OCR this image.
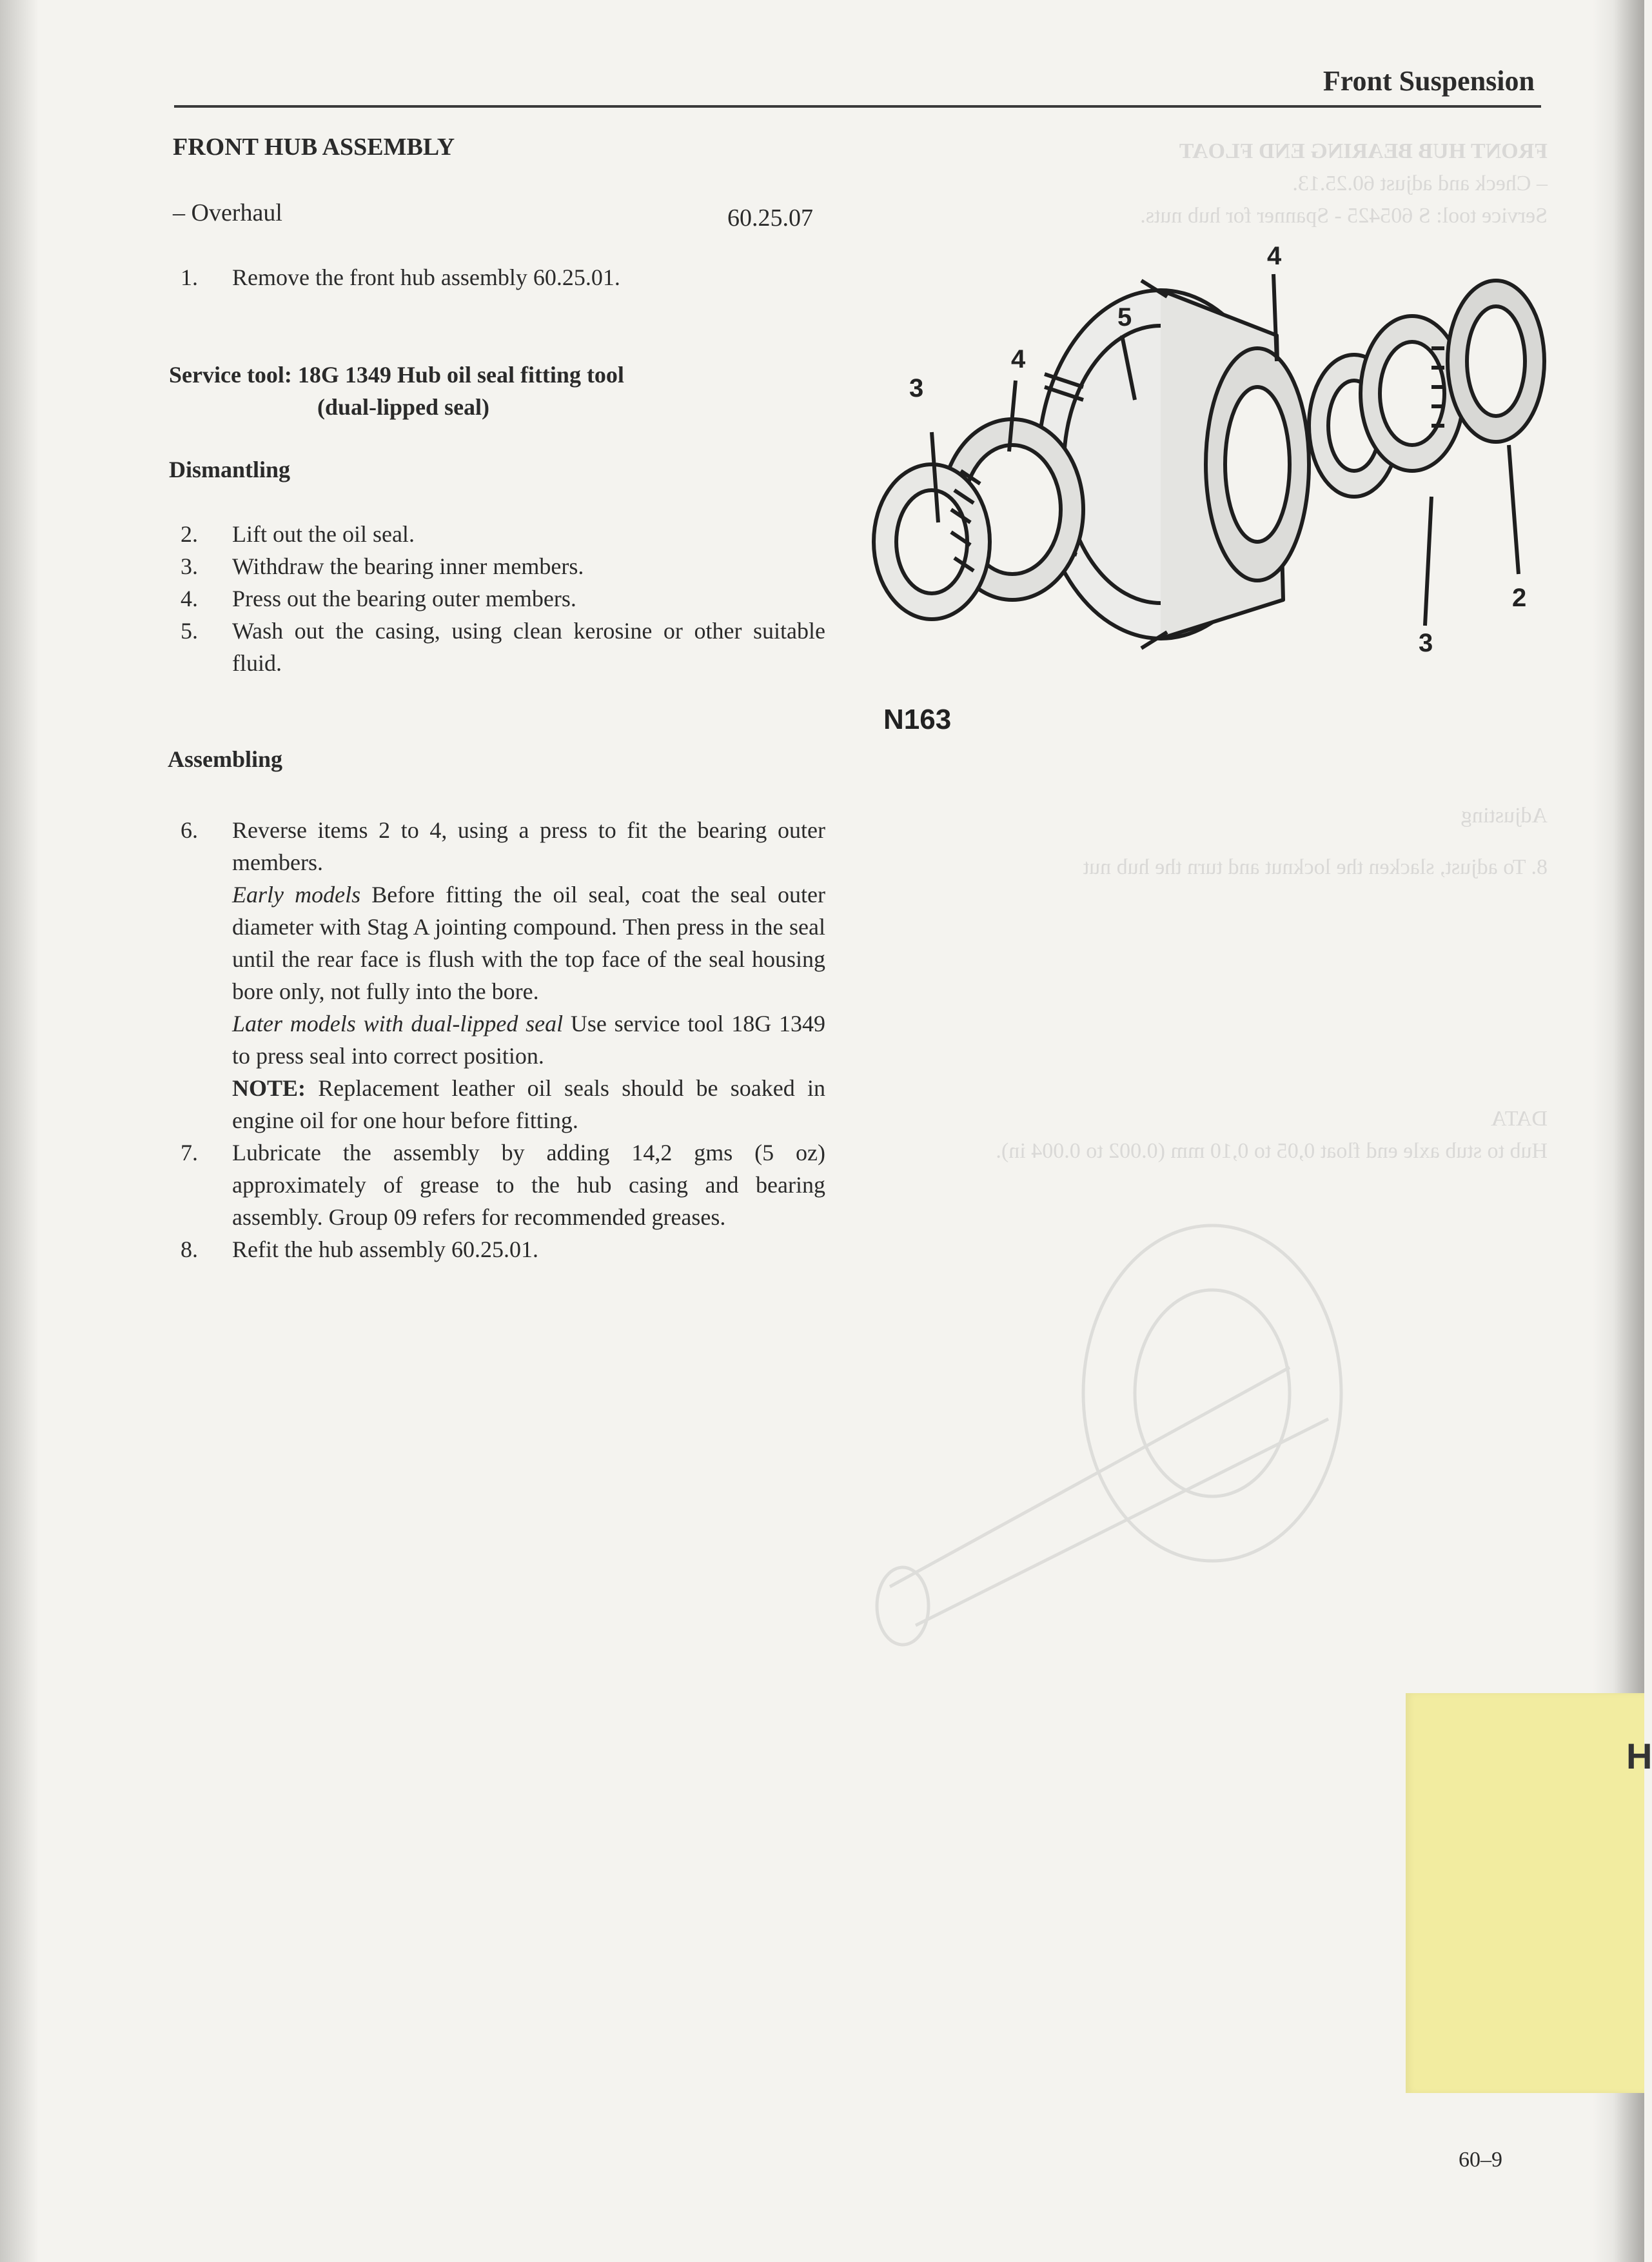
FRONT HUB BEARING END FLOAT
– Check and adjust 60.25.13.
Service tool: S 605425 - Spanner for hub nuts.
Adjusting
8. To adjust, slacken the locknut and turn the hub nut
DATA
Hub to stub axle end float 0,05 to 0,10 mm (0.002 to 0.004 in).
Front Suspension
FRONT HUB ASSEMBLY
– Overhaul	60.25.07
1.	Remove the front hub assembly 60.25.01.
Service tool: 18G 1349 Hub oil seal fitting tool
(dual-lipped seal)
Dismantling
2.	Lift out the oil seal.
3.	Withdraw the bearing inner members.
4.	Press out the bearing outer members.
5.	Wash out the casing, using clean kerosine or other suitable fluid.
Assembling
6.	Reverse items 2 to 4, using a press to fit the bearing outer members.
Early models Before fitting the oil seal, coat the seal outer diameter with Stag A jointing compound. Then press in the seal until the rear face is flush with the top face of the seal housing bore only, not fully into the bore.
Later models with dual-lipped seal Use service tool 18G 1349 to press seal into correct position.
NOTE: Replacement leather oil seals should be soaked in engine oil for one hour before fitting.
7.	Lubricate the assembly by adding 14,2 gms (5 oz) approximately of grease to the hub casing and bearing assembly. Group 09 refers for recommended greases.
8.	Refit the hub assembly 60.25.01.
3
4
5
4
2
3
N163
H
60–9
